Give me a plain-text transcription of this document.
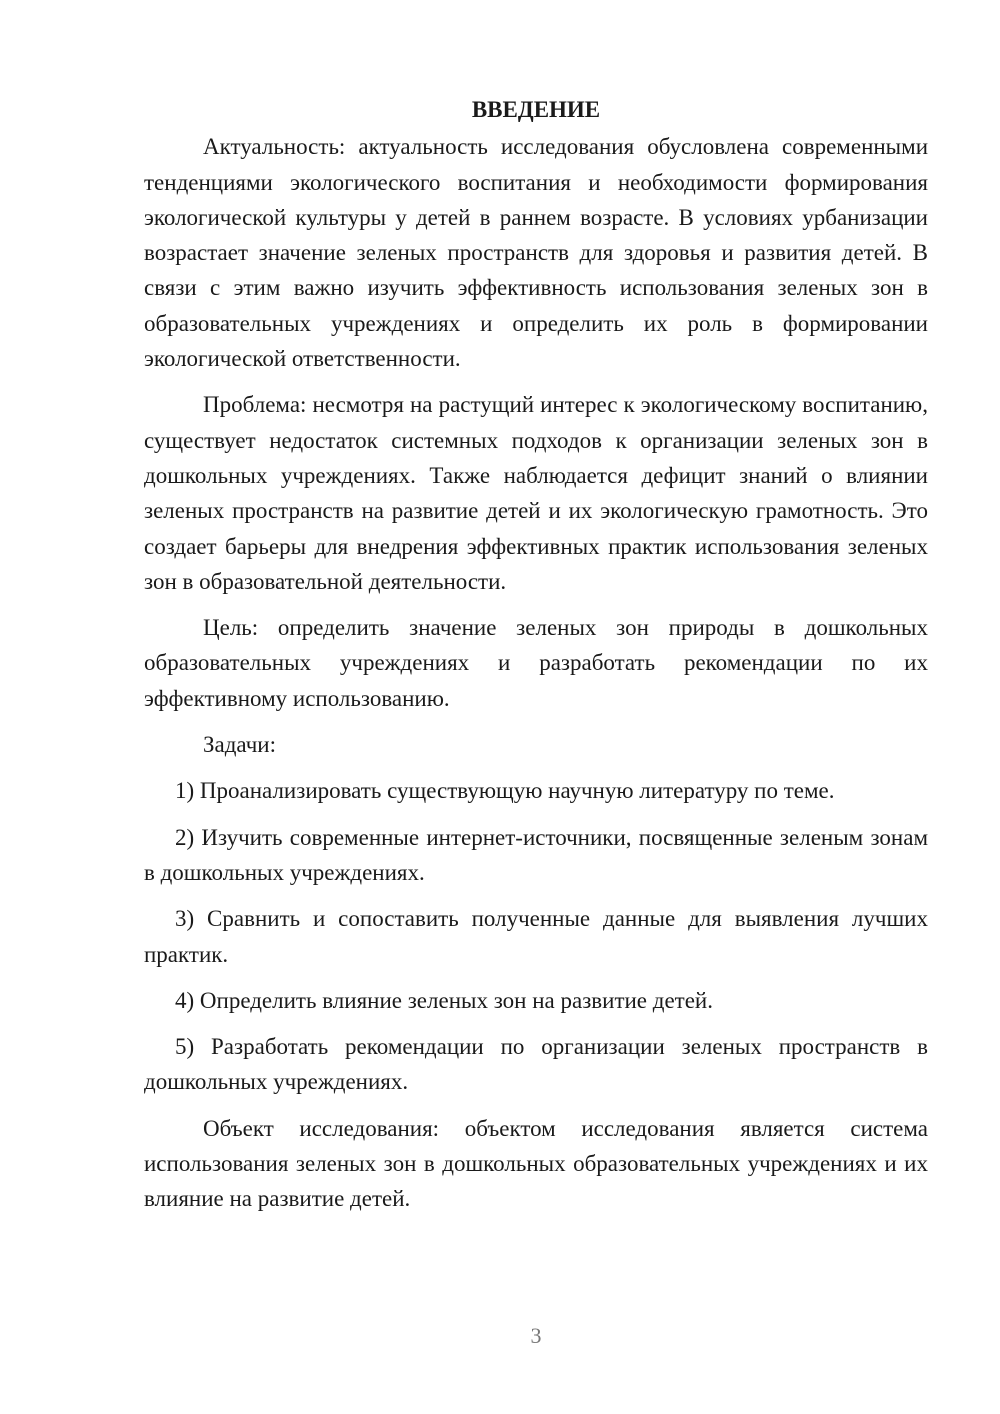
ВВЕДЕНИЕ

Актуальность: актуальность исследования обусловлена современными тенденциями экологического воспитания и необходимости формирования экологической культуры у детей в раннем возрасте. В условиях урбанизации возрастает значение зеленых пространств для здоровья и развития детей. В связи с этим важно изучить эффективность использования зеленых зон в образовательных учреждениях и определить их роль в формировании экологической ответственности.

Проблема: несмотря на растущий интерес к экологическому воспитанию, существует недостаток системных подходов к организации зеленых зон в дошкольных учреждениях. Также наблюдается дефицит знаний о влиянии зеленых пространств на развитие детей и их экологическую грамотность. Это создает барьеры для внедрения эффективных практик использования зеленых зон в образовательной деятельности.

Цель: определить значение зеленых зон природы в дошкольных образовательных учреждениях и разработать рекомендации по их эффективному использованию.

Задачи:

1) Проанализировать существующую научную литературу по теме.

2) Изучить современные интернет-источники, посвященные зеленым зонам в дошкольных учреждениях.

3) Сравнить и сопоставить полученные данные для выявления лучших практик.

4) Определить влияние зеленых зон на развитие детей.

5) Разработать рекомендации по организации зеленых пространств в дошкольных учреждениях.

Объект исследования: объектом исследования является система использования зеленых зон в дошкольных образовательных учреждениях и их влияние на развитие детей.

3
